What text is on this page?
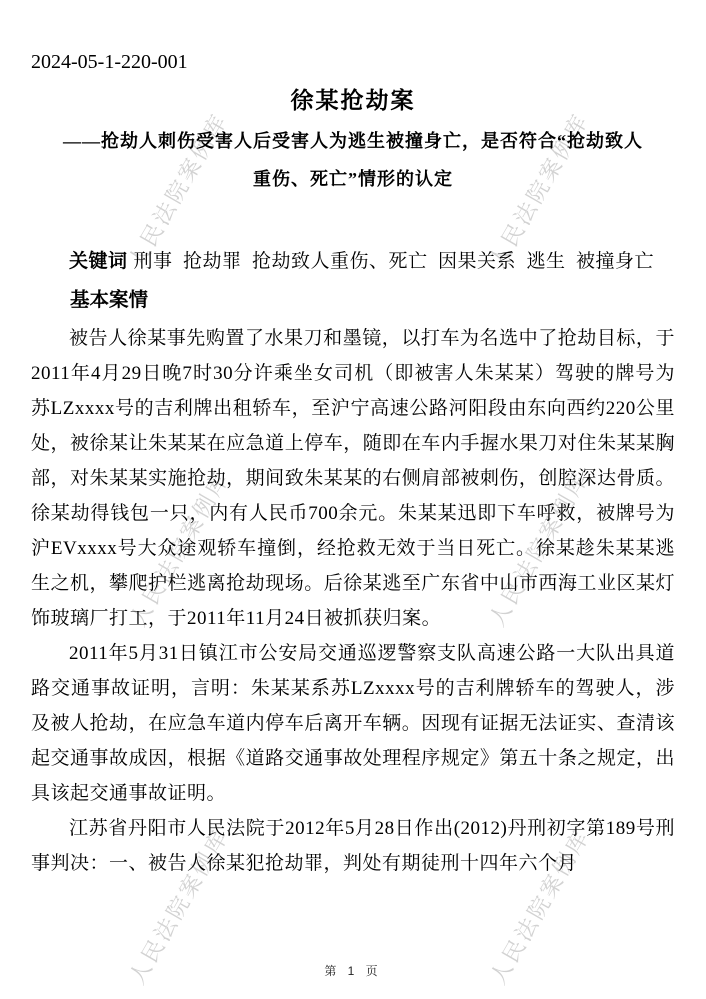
人民法院案例库	人民法院案例库
人民法院案例库	人民法院案例库
人民法院案例库	人民法院案例库
2024-05-1-220-001
徐某抢劫案
——抢劫人刺伤受害人后受害人为逃生被撞身亡，是否符合“抢劫致人
重伤、死亡”情形的认定
关键词 刑事  抢劫罪  抢劫致人重伤、死亡  因果关系  逃生  被撞身亡
基本案情

被告人徐某事先购置了水果刀和墨镜，以打车为名选中了抢劫目标，于2011年4月29日晚7时30分许乘坐女司机（即被害人朱某某）驾驶的牌号为苏LZxxxx号的吉利牌出租轿车，至沪宁高速公路河阳段由东向西约220公里处，被徐某让朱某某在应急道上停车，随即在车内手握水果刀对住朱某某胸部，对朱某某实施抢劫，期间致朱某某的右侧肩部被刺伤，创腔深达骨质。徐某劫得钱包一只，内有人民币700余元。朱某某迅即下车呼救，被牌号为沪EVxxxx号大众途观轿车撞倒，经抢救无效于当日死亡。徐某趁朱某某逃生之机，攀爬护栏逃离抢劫现场。后徐某逃至广东省中山市西海工业区某灯饰玻璃厂打工，于2011年11月24日被抓获归案。

2011年5月31日镇江市公安局交通巡逻警察支队高速公路一大队出具道路交通事故证明，言明：朱某某系苏LZxxxx号的吉利牌轿车的驾驶人，涉及被人抢劫，在应急车道内停车后离开车辆。因现有证据无法证实、查清该起交通事故成因，根据《道路交通事故处理程序规定》第五十条之规定，出具该起交通事故证明。

江苏省丹阳市人民法院于2012年5月28日作出(2012)丹刑初字第189号刑事判决：一、被告人徐某犯抢劫罪，判处有期徒刑十四年六个月

第 1 页
